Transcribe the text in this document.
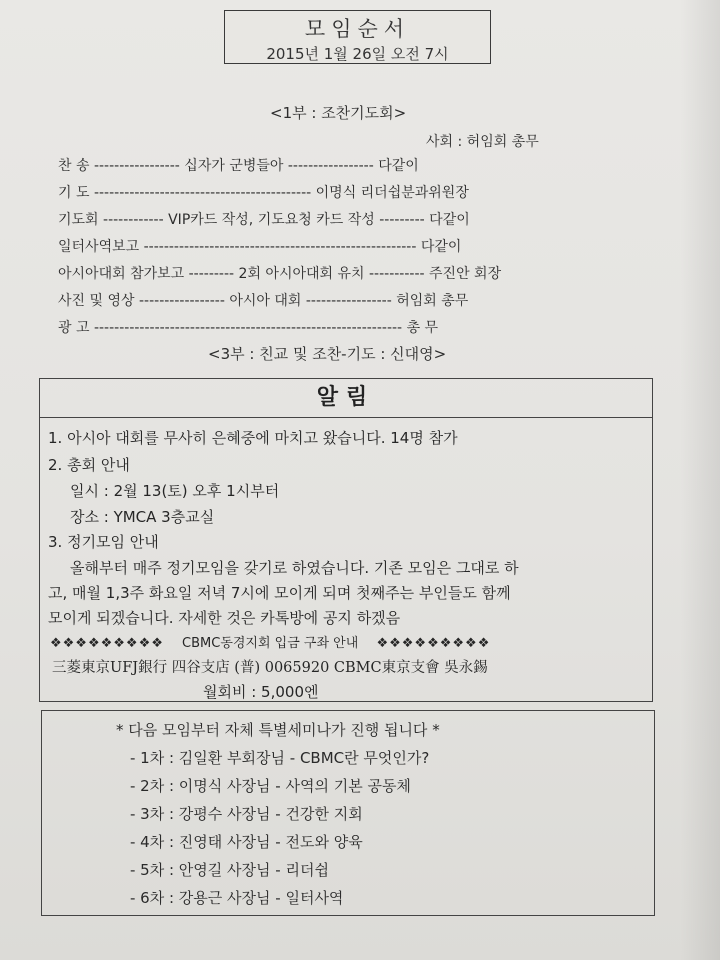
모임순서
2015년 1월 26일 오전 7시
<1부 : 조찬기도회>
사회 : 허임회 총무
찬 송 ----------------- 십자가 군병들아 ----------------- 다같이
기 도 ------------------------------------------- 이명식 리더쉽분과위원장
기도회 ------------ VIP카드 작성, 기도요청 카드 작성 --------- 다같이
일터사역보고 ------------------------------------------------------ 다같이
아시아대회 참가보고 --------- 2회 아시아대회 유치 ----------- 주진안 회장
사진 및 영상 ----------------- 아시아 대회 ----------------- 허임회 총무
광 고 ------------------------------------------------------------- 총 무
<3부 : 친교 및 조찬-기도 : 신대영>
알림
1. 아시아 대회를 무사히 은혜중에 마치고 왔습니다. 14명 참가
2. 총회 안내
일시 : 2월 13(토) 오후 1시부터
장소 : YMCA 3층교실
3. 정기모임 안내
올해부터 매주 정기모임을 갖기로 하였습니다. 기존 모임은 그대로 하
고, 매월 1,3주 화요일 저녁 7시에 모이게 되며 첫째주는 부인들도 함께
모이게 되겠습니다. 자세한 것은 카톡방에 공지 하겠음
❖❖❖❖❖❖❖❖❖ CBMC동경지회 입금 구좌 안내 ❖❖❖❖❖❖❖❖❖
三菱東京UFJ銀行 四谷支店 (普) 0065920 CBMC東京支會 吳永錫
월회비 : 5,000엔
* 다음 모임부터 자체 특별세미나가 진행 됩니다 *
- 1차 : 김일환 부회장님 - CBMC란 무엇인가?
- 2차 : 이명식 사장님 - 사역의 기본 공동체
- 3차 : 강평수 사장님 - 건강한 지회
- 4차 : 진영태 사장님 - 전도와 양육
- 5차 : 안영길 사장님 - 리더쉽
- 6차 : 강용근 사장님 - 일터사역
